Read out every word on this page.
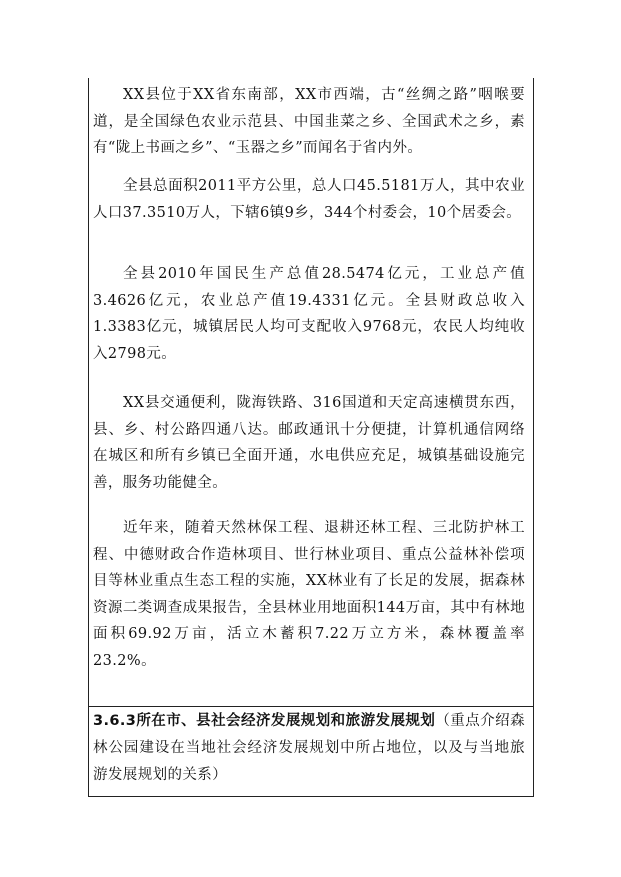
XX县位于XX省东南部，XX市西端，古“丝绸之路”咽喉要道，是全国绿色农业示范县、中国韭菜之乡、全国武术之乡，素有“陇上书画之乡”、“玉器之乡”而闻名于省内外。
全县总面积2011平方公里，总人口45.5181万人，其中农业人口37.3510万人，下辖6镇9乡，344个村委会，10个居委会。
全县2010年国民生产总值28.5474亿元，工业总产值3.4626亿元，农业总产值19.4331亿元。全县财政总收入1.3383亿元，城镇居民人均可支配收入9768元，农民人均纯收入2798元。
XX县交通便利，陇海铁路、316国道和天定高速横贯东西，县、乡、村公路四通八达。邮政通讯十分便捷，计算机通信网络在城区和所有乡镇已全面开通，水电供应充足，城镇基础设施完善，服务功能健全。
近年来，随着天然林保工程、退耕还林工程、三北防护林工程、中德财政合作造林项目、世行林业项目、重点公益林补偿项目等林业重点生态工程的实施，XX林业有了长足的发展，据森林资源二类调查成果报告，全县林业用地面积144万亩，其中有林地面积69.92万亩，活立木蓄积7.22万立方米，森林覆盖率23.2%。
3.6.3所在市、县社会经济发展规划和旅游发展规划（重点介绍森林公园建设在当地社会经济发展规划中所占地位，以及与当地旅游发展规划的关系）
